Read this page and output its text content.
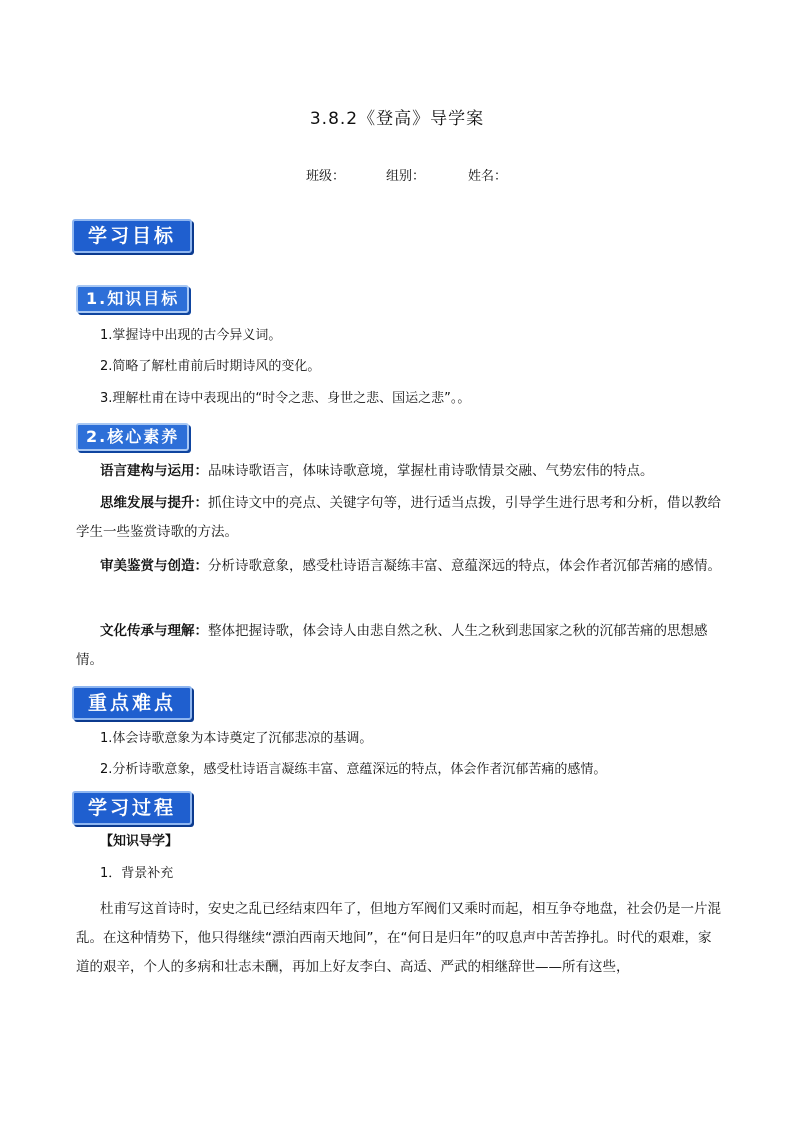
3.8.2《登高》导学案
班级：	组别：	姓名：
学习目标
1.知识目标
1.掌握诗中出现的古今异义词。
2.简略了解杜甫前后时期诗风的变化。
3.理解杜甫在诗中表现出的“时令之悲、身世之悲、国运之悲”。。
2.核心素养
语言建构与运用：品味诗歌语言，体味诗歌意境，掌握杜甫诗歌情景交融、气势宏伟的特点。
思维发展与提升：抓住诗文中的亮点、关键字句等，进行适当点拨，引导学生进行思考和分析，借以教给学生一些鉴赏诗歌的方法。
审美鉴赏与创造：分析诗歌意象，感受杜诗语言凝练丰富、意蕴深远的特点，体会作者沉郁苦痛的感情。
文化传承与理解：整体把握诗歌，体会诗人由悲自然之秋、人生之秋到悲国家之秋的沉郁苦痛的思想感情。
重点难点
1.体会诗歌意象为本诗奠定了沉郁悲凉的基调。
2.分析诗歌意象，感受杜诗语言凝练丰富、意蕴深远的特点，体会作者沉郁苦痛的感情。
学习过程
【知识导学】
1．背景补充
杜甫写这首诗时，安史之乱已经结束四年了，但地方军阀们又乘时而起，相互争夺地盘，社会仍是一片混乱。在这种情势下，他只得继续“漂泊西南天地间”，在“何日是归年”的叹息声中苦苦挣扎。时代的艰难，家道的艰辛，个人的多病和壮志未酬，再加上好友李白、高适、严武的相继辞世——所有这些，
